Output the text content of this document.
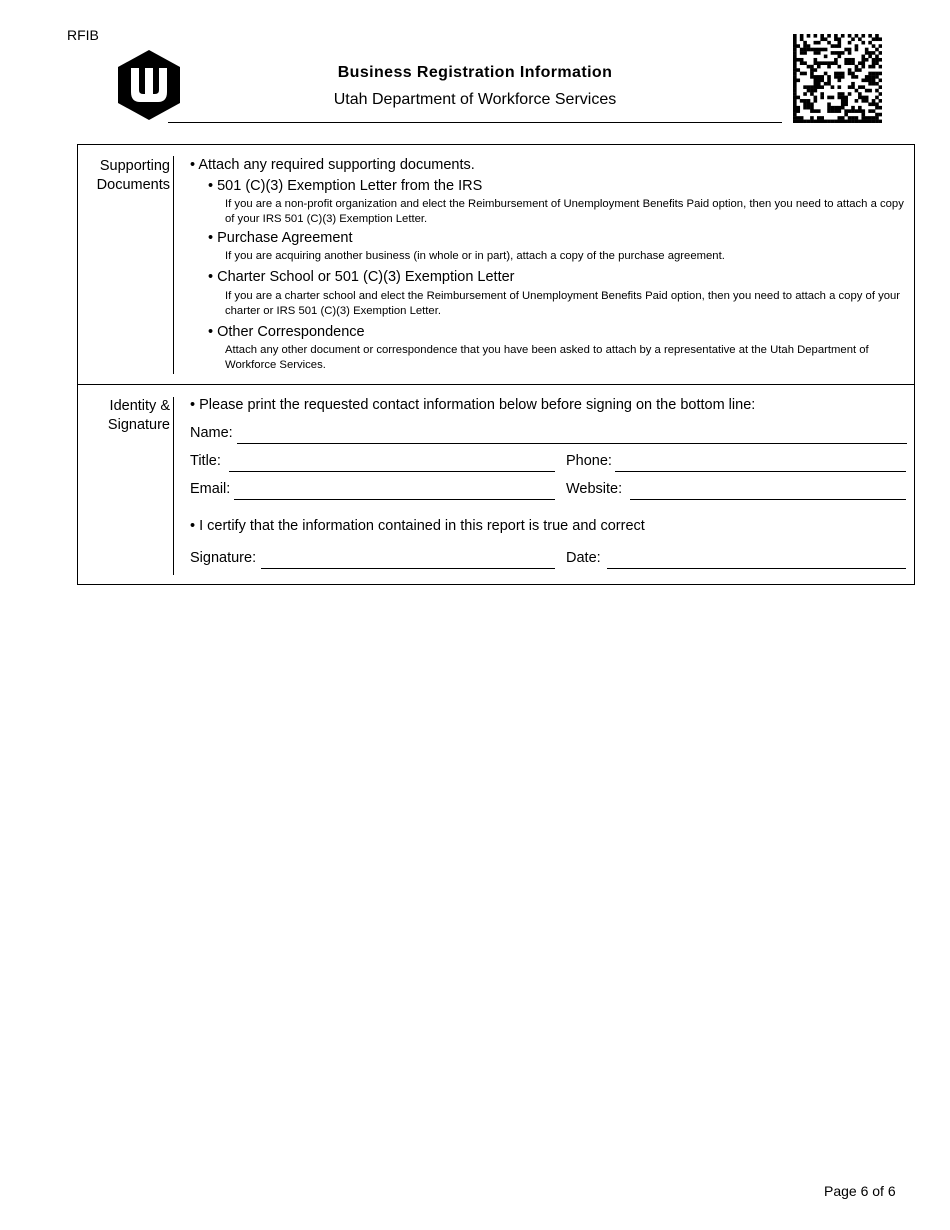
RFIB
Business Registration Information
Utah Department of Workforce Services
Supporting
Documents
• Attach any required supporting documents.
• 501 (C)(3) Exemption Letter from the IRS
If you are a non-profit organization and elect the Reimbursement of Unemployment Benefits Paid option, then you need to attach a copy of your IRS 501 (C)(3) Exemption Letter.
• Purchase Agreement
If you are acquiring another business (in whole or in part), attach a copy of the purchase agreement.
• Charter School or 501 (C)(3) Exemption Letter
If you are a charter school and elect the Reimbursement of Unemployment Benefits Paid option, then you need to attach a copy of your charter or IRS 501 (C)(3) Exemption Letter.
• Other Correspondence
Attach any other document or correspondence that you have been asked to attach by a representative at the Utah Department of Workforce Services.
Identity &
Signature
• Please print the requested contact information below before signing on the bottom line:
Name:
Title:	Phone:
Email:	Website:
• I certify that the information contained in this report is true and correct
Signature:	Date:
Page 6 of 6
